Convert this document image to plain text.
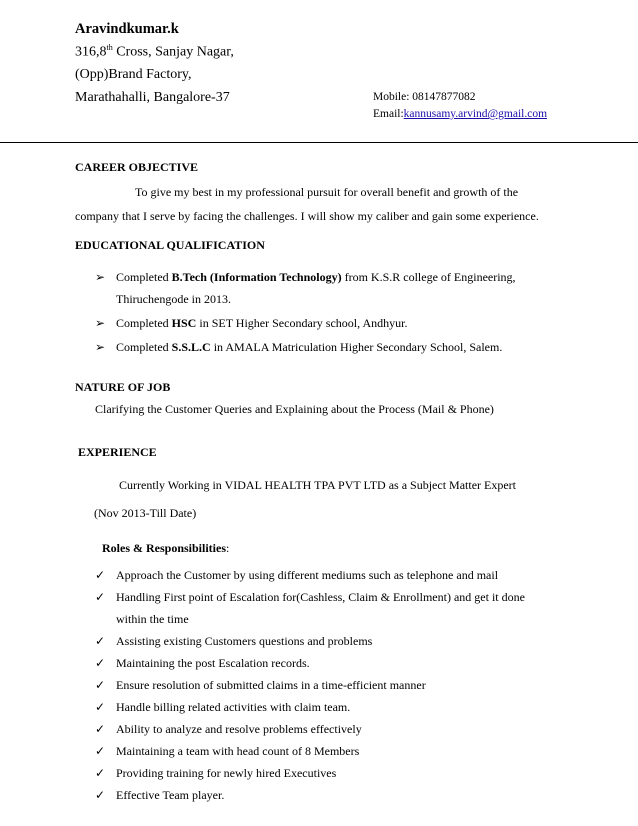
Aravindkumar.k
316,8th Cross, Sanjay Nagar,
(Opp)Brand Factory,
Marathahalli, Bangalore-37	Mobile: 08147877082
Email:kannusamy.arvind@gmail.com
CAREER OBJECTIVE
To give my best in my professional pursuit for overall benefit and growth of the
company that I serve by facing the challenges. I will show my caliber and gain some experience.
EDUCATIONAL QUALIFICATION
➢ Completed B.Tech (Information Technology) from K.S.R college of Engineering,
Thiruchengode in 2013.
➢ Completed HSC in SET Higher Secondary school, Andhyur.
➢ Completed S.S.L.C in AMALA Matriculation Higher Secondary School, Salem.
NATURE OF JOB
Clarifying the Customer Queries and Explaining about the Process (Mail & Phone)
EXPERIENCE
Currently Working in VIDAL HEALTH TPA PVT LTD as a Subject Matter Expert
(Nov 2013-Till Date)
Roles & Responsibilities:
✓ Approach the Customer by using different mediums such as telephone and mail
✓ Handling First point of Escalation for(Cashless, Claim & Enrollment) and get it done
within the time
✓ Assisting existing Customers questions and problems
✓ Maintaining the post Escalation records.
✓ Ensure resolution of submitted claims in a time-efficient manner
✓ Handle billing related activities with claim team.
✓ Ability to analyze and resolve problems effectively
✓ Maintaining a team with head count of 8 Members
✓ Providing training for newly hired Executives
✓ Effective Team player.
